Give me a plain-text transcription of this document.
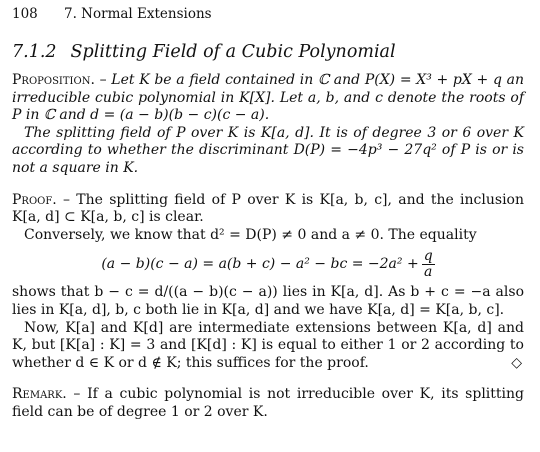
108 7. Normal Extensions
7.1.2 Splitting Field of a Cubic Polynomial

Proposition. – Let K be a field contained in ℂ and P(X) = X³ + pX + q an irreducible cubic polynomial in K[X]. Let a, b, and c denote the roots of P in ℂ and d = (a − b)(b − c)(c − a).

The splitting field of P over K is K[a, d]. It is of degree 3 or 6 over K according to whether the discriminant D(P) = −4p³ − 27q² of P is or is not a square in K.

Proof. – The splitting field of P over K is K[a, b, c], and the inclusion K[a, d] ⊂ K[a, b, c] is clear.

Conversely, we know that d² = D(P) ≠ 0 and a ≠ 0. The equality

(a − b)(c − a) = a(b + c) − a² − bc = $-2a^2 + \frac{q}{a}$

shows that b − c = d/((a − b)(c − a)) lies in K[a, d]. As b + c = −a also lies in K[a, d], b, c both lie in K[a, d] and we have K[a, d] = K[a, b, c].

Now, K[a] and K[d] are intermediate extensions between K[a, d] and K, but [K[a] : K] = 3 and [K[d] : K] is equal to either 1 or 2 according to whether d ∈ K or d ∉ K; this suffices for the proof.	◇

Remark. – If a cubic polynomial is not irreducible over K, its splitting field can be of degree 1 or 2 over K.
